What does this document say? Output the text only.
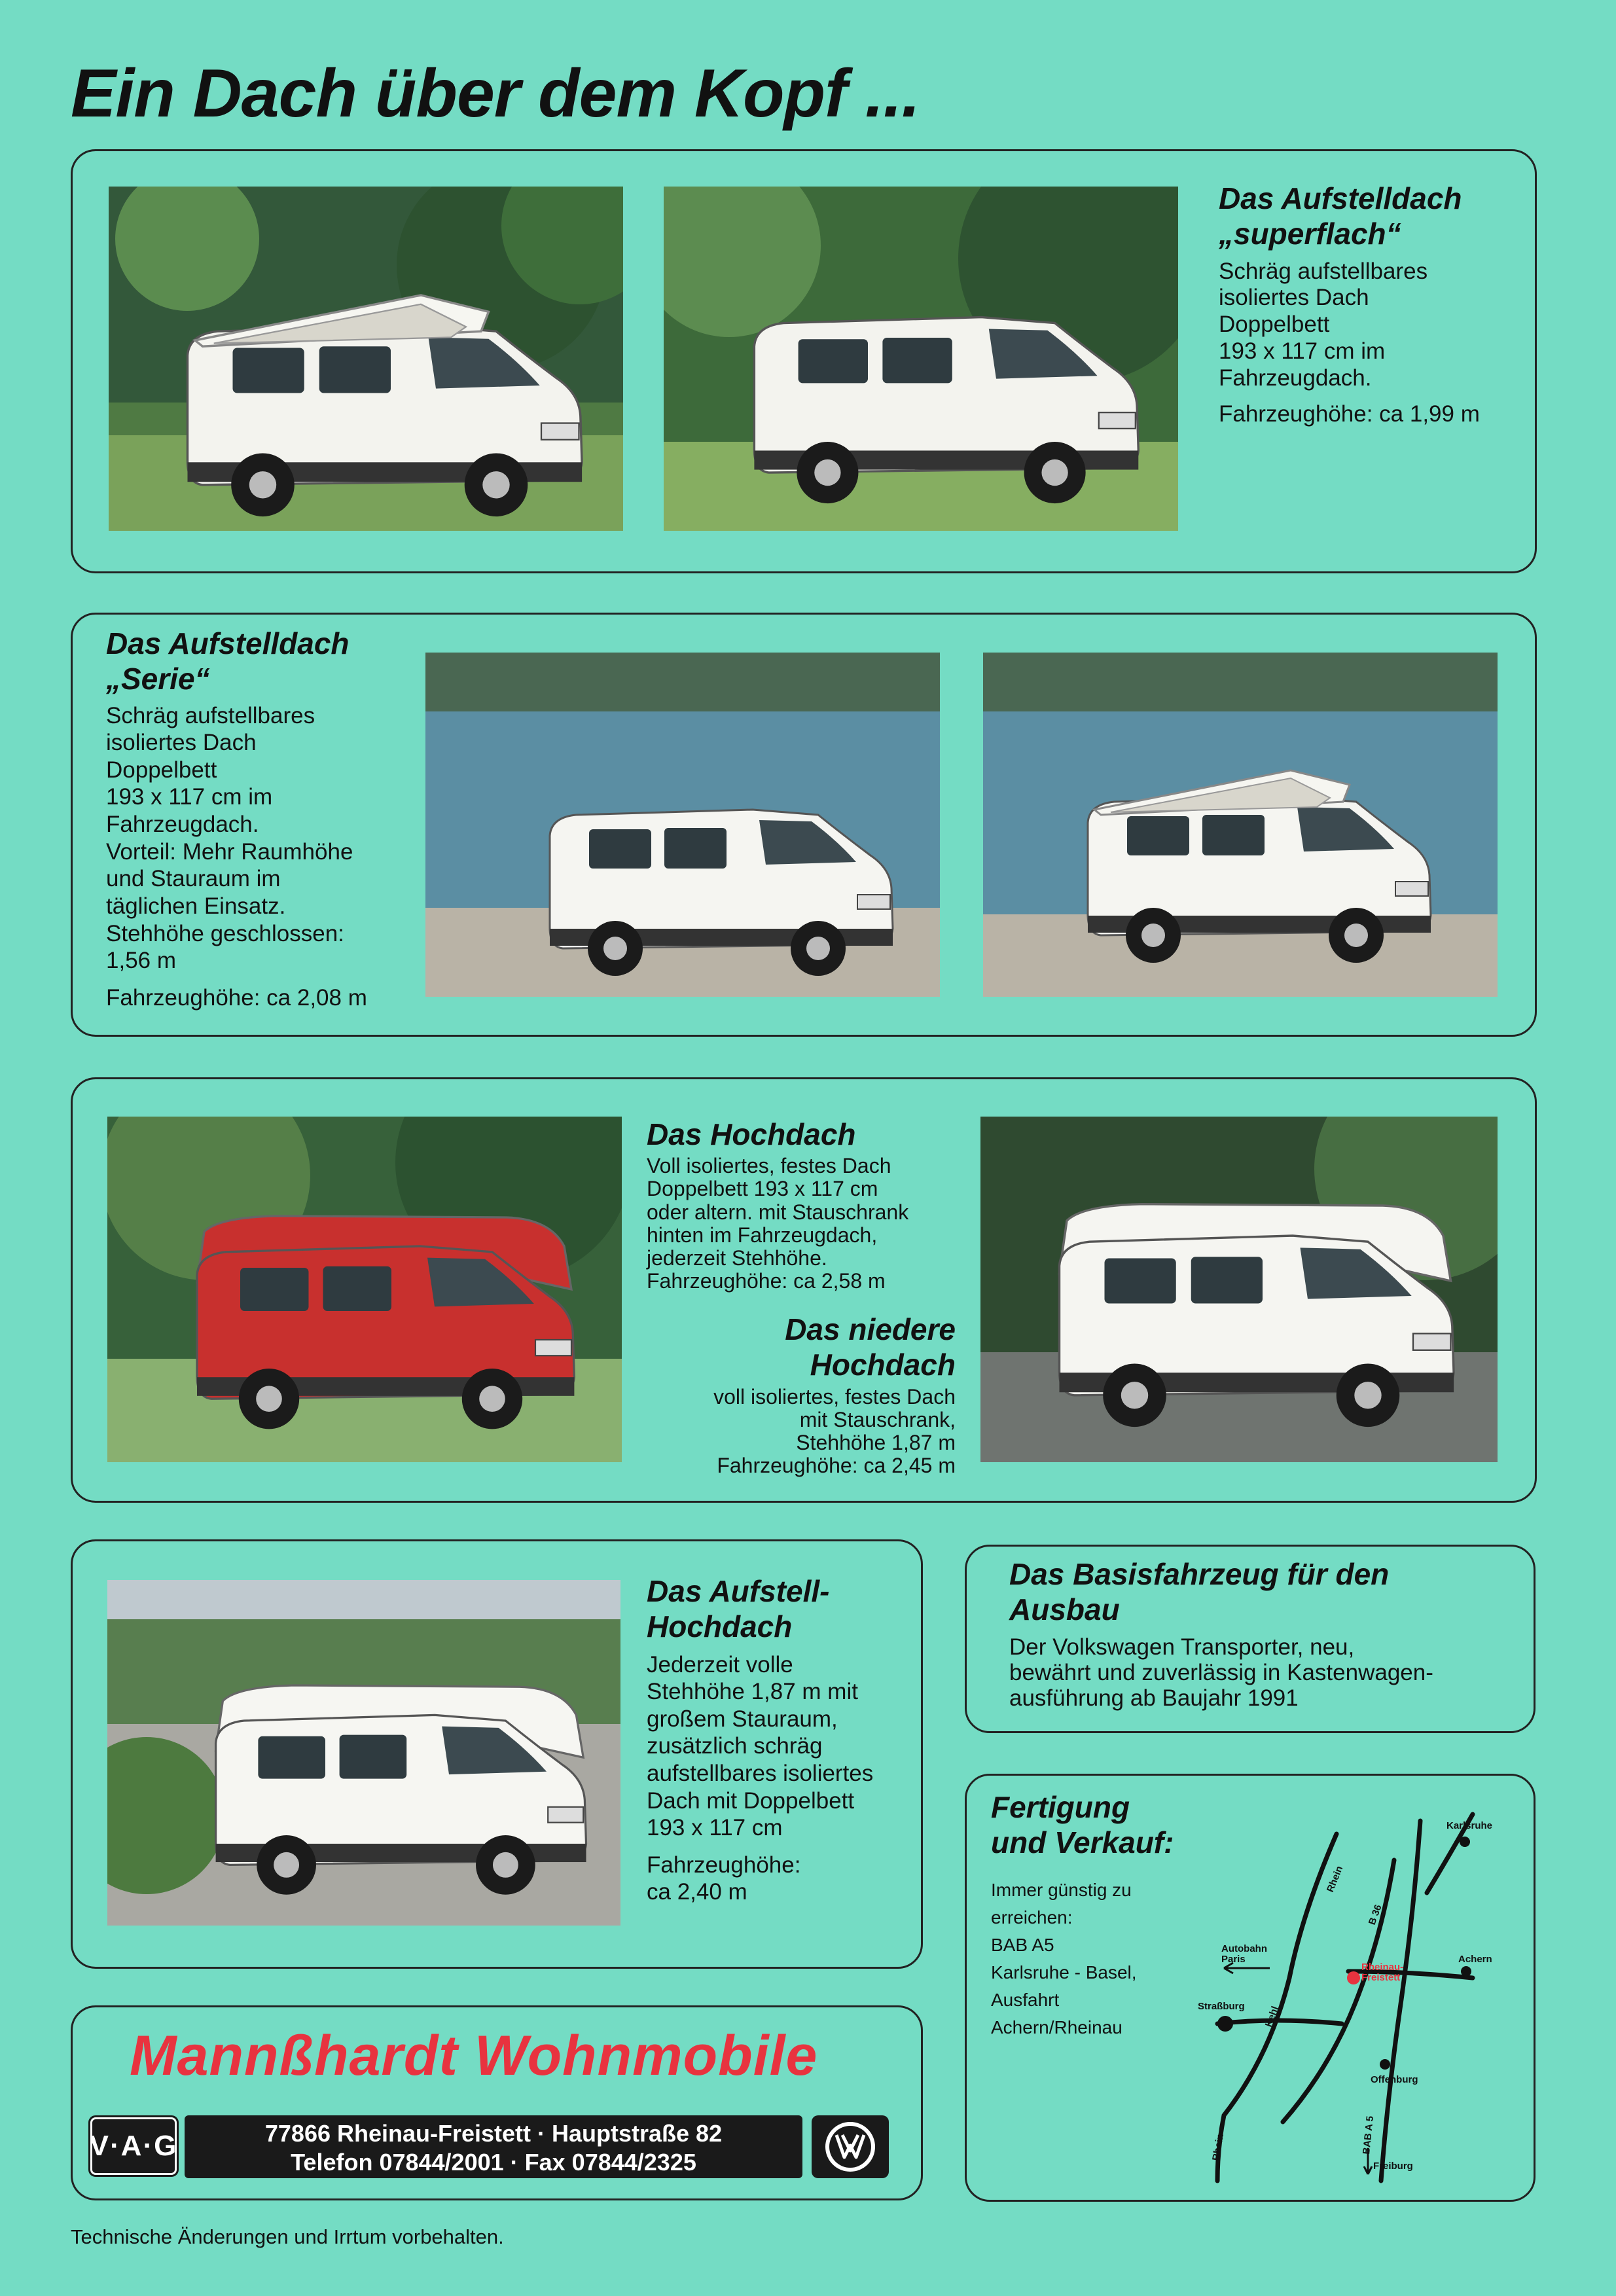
Ein Dach über dem Kopf ...

Das Aufstelldach

„superflach“

Schräg aufstellbares
isoliertes Dach
Doppelbett
193 x 117 cm im
Fahrzeugdach.

Fahrzeughöhe: ca 1,99 m

Das Aufstelldach

„Serie“

Schräg aufstellbares
isoliertes Dach
Doppelbett
193 x 117 cm im
Fahrzeugdach.
Vorteil: Mehr Raumhöhe
und Stauraum im
täglichen Einsatz.
Stehhöhe geschlossen:
1,56 m

Fahrzeughöhe: ca 2,08 m

Das Hochdach

Voll isoliertes, festes Dach
Doppelbett 193 x 117 cm
oder altern. mit Stauschrank
hinten im Fahrzeugdach,
jederzeit Stehhöhe.
Fahrzeughöhe: ca 2,58 m

Das niedere

Hochdach

voll isoliertes, festes Dach
mit Stauschrank,
Stehhöhe 1,87 m
Fahrzeughöhe: ca 2,45 m

Das Aufstell-

Hochdach

Jederzeit volle
Stehhöhe 1,87 m mit
großem Stauraum,
zusätzlich schräg
aufstellbares isoliertes
Dach mit Doppelbett
193 x 117 cm

Fahrzeughöhe:
ca 2,40 m

Das Basisfahrzeug für den

Ausbau

Der Volkswagen Transporter, neu,
bewährt und zuverlässig in Kastenwagen-
ausführung ab Baujahr 1991

Fertigung

und Verkauf:

Immer günstig zu
erreichen:
BAB A5
Karlsruhe - Basel,
Ausfahrt
Achern/Rheinau

Karlsruhe
Rhein
B 36
Autobahn
Paris
Rheinau-
Freistett
Achern
Straßburg Kehl
Offenburg
Rhein	BAB A 5
Freiburg
Mannßhardt Wohnmobile
V·A·G	77866 Rheinau-Freistett · Hauptstraße 82
Telefon 07844/2001 · Fax 07844/2325
Technische Änderungen und Irrtum vorbehalten.
